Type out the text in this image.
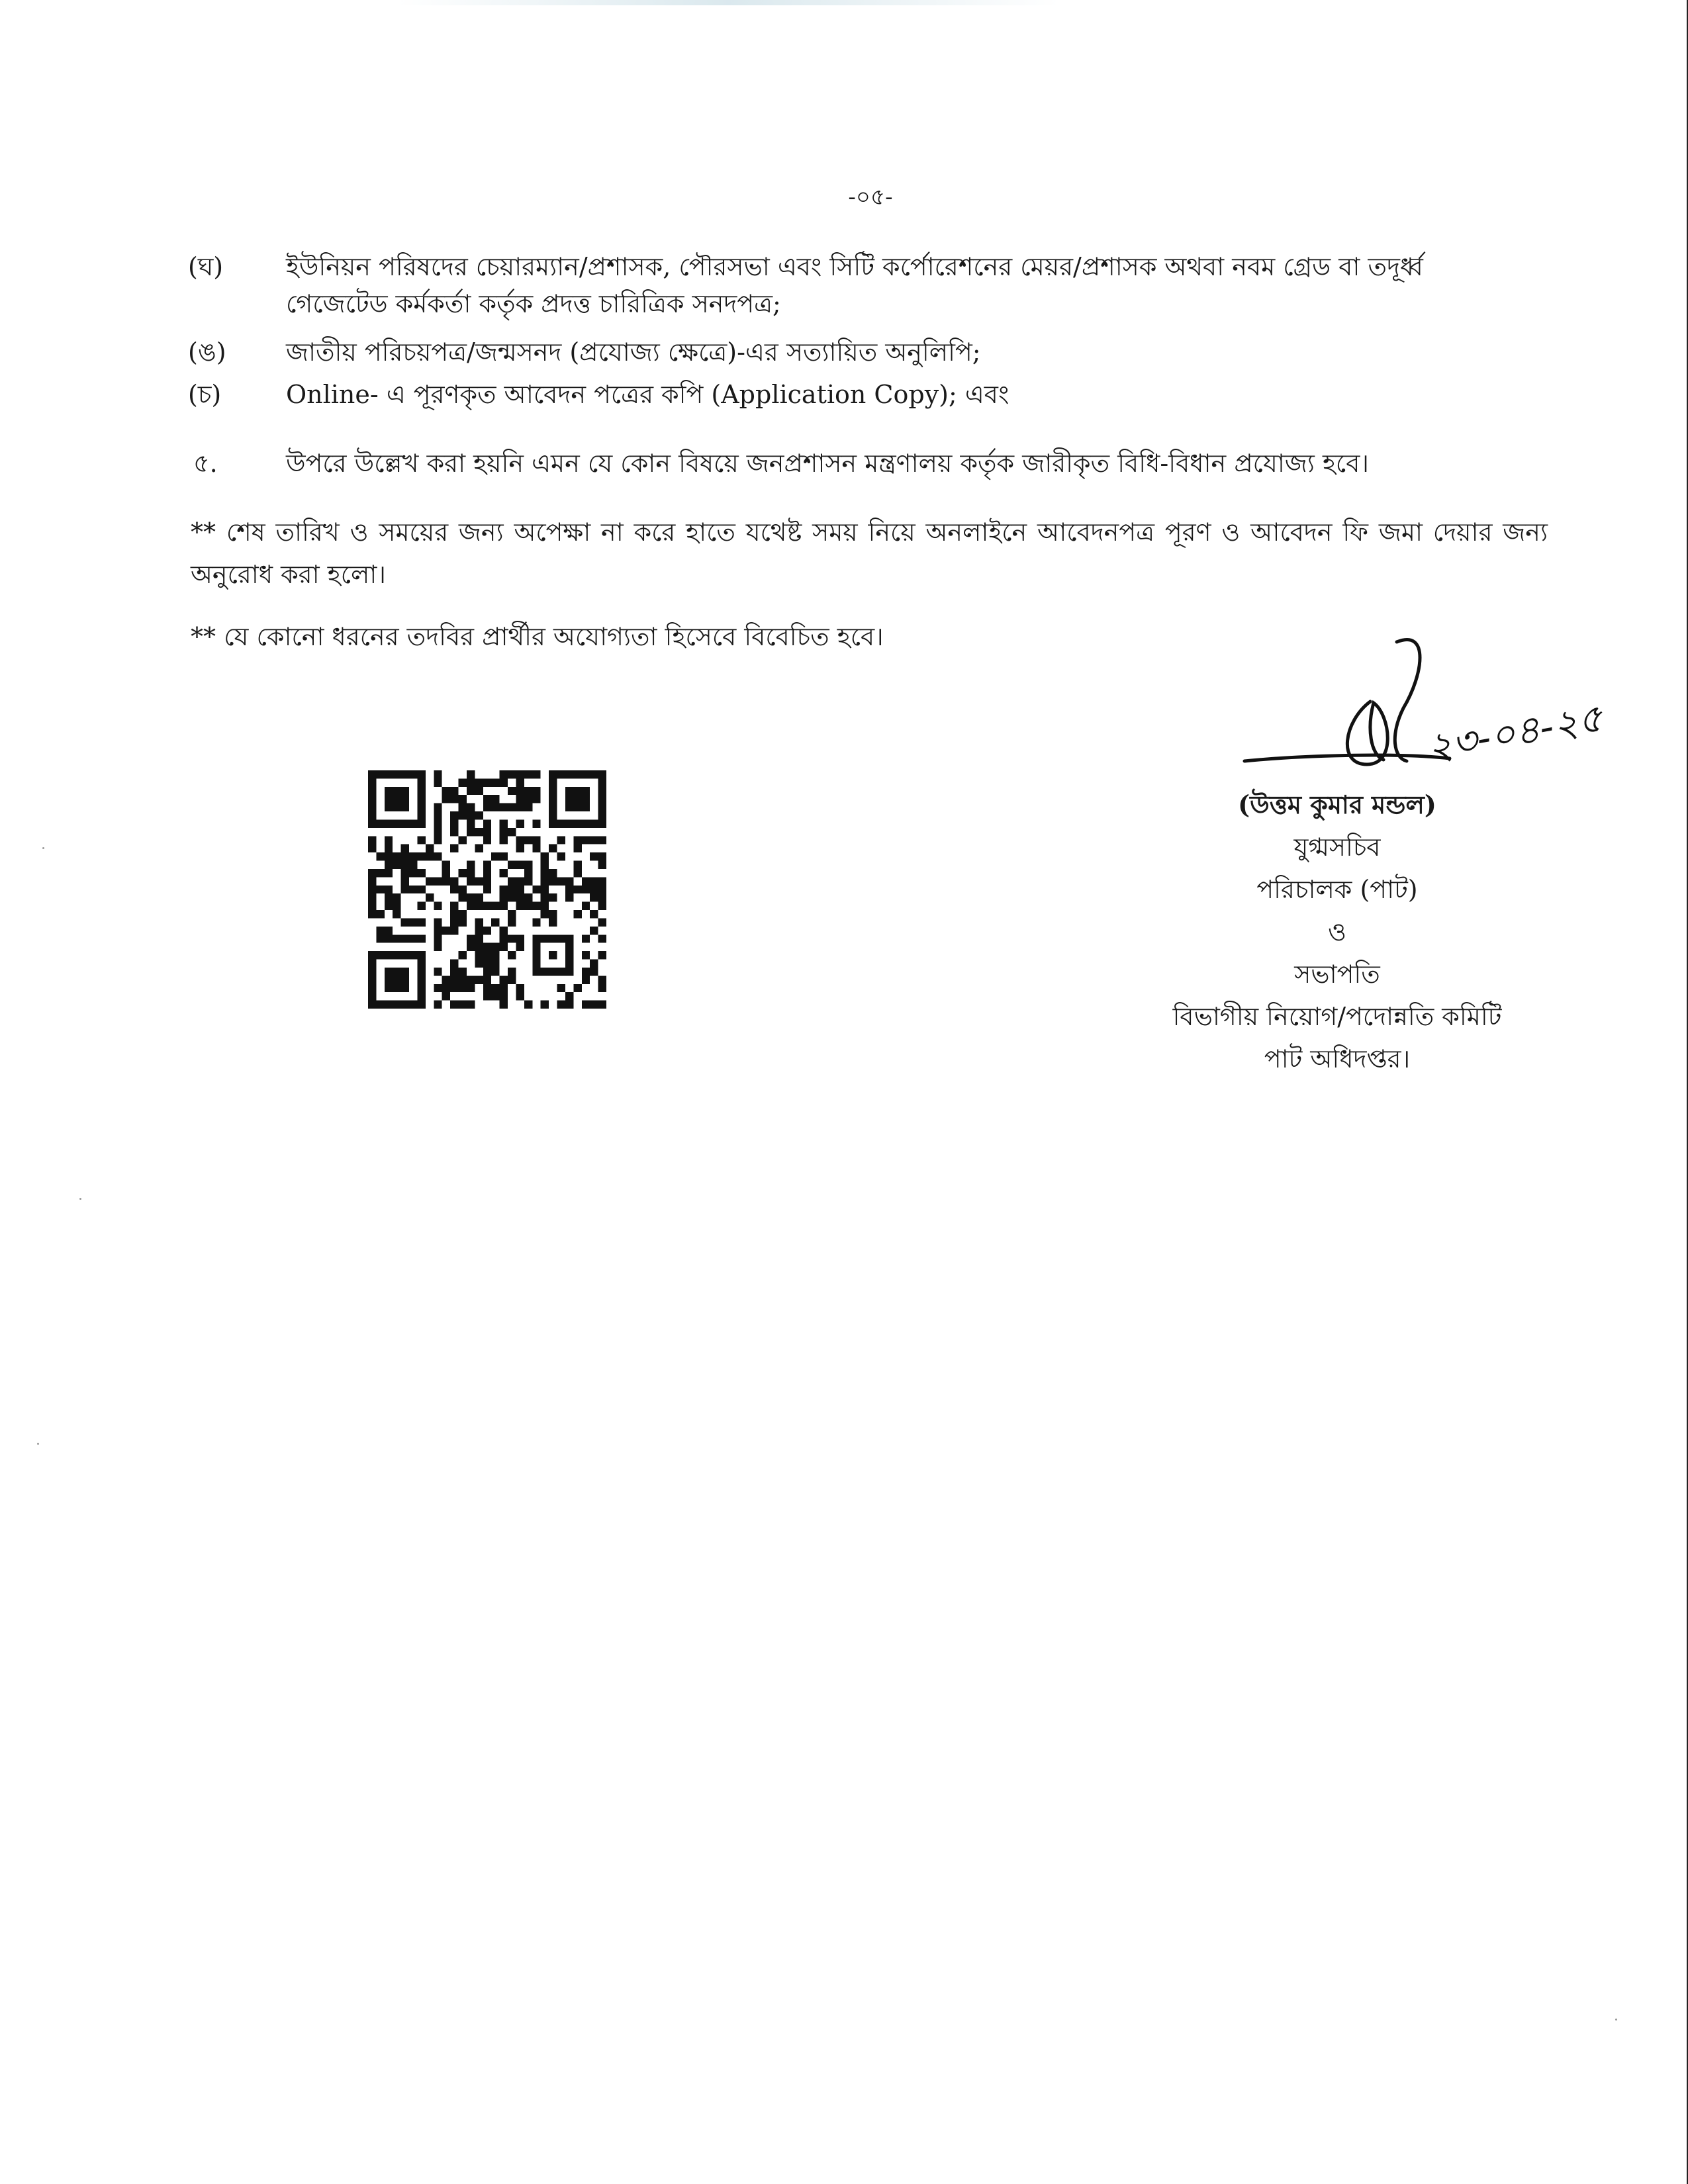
-০৫-
(ঘ) ইউনিয়ন পরিষদের চেয়ারম্যান/প্রশাসক, পৌরসভা এবং সিটি কর্পোরেশনের মেয়র/প্রশাসক অথবা নবম গ্রেড বা তদূর্ধ্ব
গেজেটেড কর্মকর্তা কর্তৃক প্রদত্ত চারিত্রিক সনদপত্র;
(ঙ) জাতীয় পরিচয়পত্র/জন্মসনদ (প্রযোজ্য ক্ষেত্রে)-এর সত্যায়িত অনুলিপি;
(চ)	Online- এ পূরণকৃত আবেদন পত্রের কপি (Application Copy); এবং
৫.	উপরে উল্লেখ করা হয়নি এমন যে কোন বিষয়ে জনপ্রশাসন মন্ত্রণালয় কর্তৃক জারীকৃত বিধি-বিধান প্রযোজ্য হবে।
** শেষ তারিখ ও সময়ের জন্য অপেক্ষা না করে হাতে যথেষ্ট সময় নিয়ে অনলাইনে আবেদনপত্র পূরণ ও আবেদন ফি জমা দেয়ার জন্য অনুরোধ করা হলো।
** যে কোনো ধরনের তদবির প্রার্থীর অযোগ্যতা হিসেবে বিবেচিত হবে।
২৩-০৪-২৫
(উত্তম কুমার মন্ডল)
যুগ্মসচিব
পরিচালক (পাট)
ও
সভাপতি
বিভাগীয় নিয়োগ/পদোন্নতি কমিটি
পাট অধিদপ্তর।
